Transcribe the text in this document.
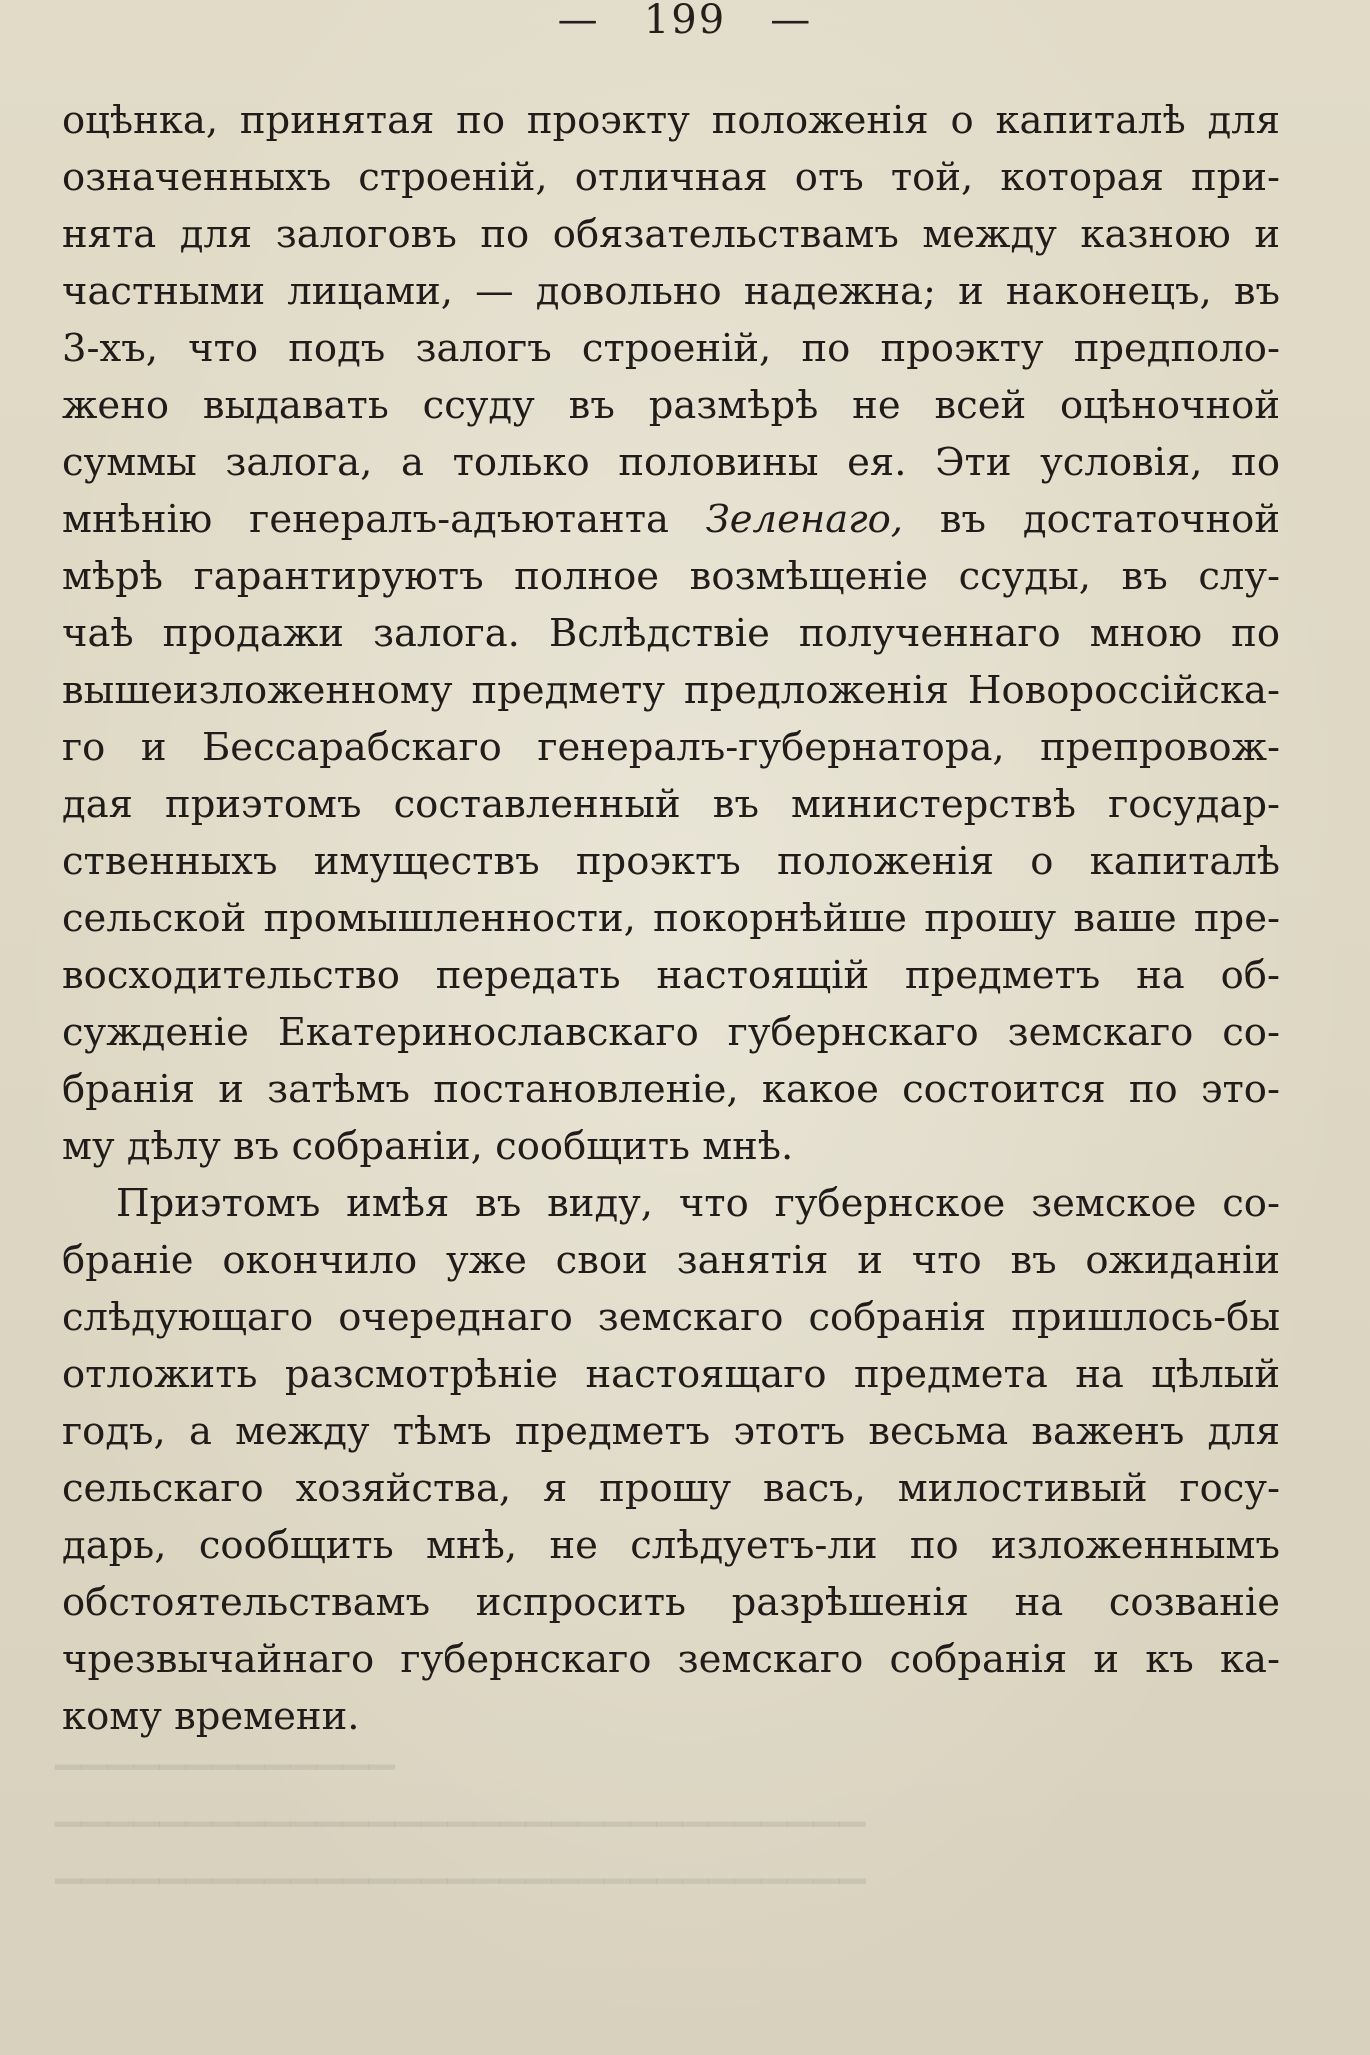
▔▔▔▔▔▔▔▔▔▔▔▔▔▔▔▔▔▔▔▔▔▔▔▔▔▔▔▔▔▔▔
▔▔▔▔▔▔▔▔▔▔▔▔▔▔▔▔▔▔▔▔▔▔▔▔▔▔▔▔▔▔▔
▔▔▔▔▔▔▔▔▔▔▔▔▔
—   199   —
оцѣнка, принятая по проэкту положенія о капиталѣ для
означенныхъ строеній, отличная отъ той, которая при-
нята для залоговъ по обязательствамъ между казною и
частными лицами, — довольно надежна; и наконецъ, въ
3-хъ, что подъ залогъ строеній, по проэкту предполо-
жено выдавать ссуду въ размѣрѣ не всей оцѣночной
суммы залога, а только половины ея. Эти условія, по
мнѣнію генералъ-адъютанта Зеленаго, въ достаточной
мѣрѣ гарантируютъ полное возмѣщеніе ссуды, въ слу-
чаѣ продажи залога. Вслѣдствіе полученнаго мною по
вышеизложенному предмету предложенія Новороссійска-
го и Бессарабскаго генералъ-губернатора, препровож-
дая приэтомъ составленный въ министерствѣ государ-
ственныхъ имуществъ проэктъ положенія о капиталѣ
сельской промышленности, покорнѣйше прошу ваше пре-
восходительство передать настоящій предметъ на об-
сужденіе Екатеринославскаго губернскаго земскаго со-
бранія и затѣмъ постановленіе, какое состоится по это-
му дѣлу въ собраніи, сообщить мнѣ.
Приэтомъ имѣя въ виду, что губернское земское со-
браніе окончило уже свои занятія и что въ ожиданіи
слѣдующаго очереднаго земскаго собранія пришлось-бы
отложить разсмотрѣніе настоящаго предмета на цѣлый
годъ, а между тѣмъ предметъ этотъ весьма важенъ для
сельскаго хозяйства, я прошу васъ, милостивый госу-
дарь, сообщить мнѣ, не слѣдуетъ-ли по изложеннымъ
обстоятельствамъ испросить разрѣшенія на созваніе
чрезвычайнаго губернскаго земскаго собранія и къ ка-
кому времени.
